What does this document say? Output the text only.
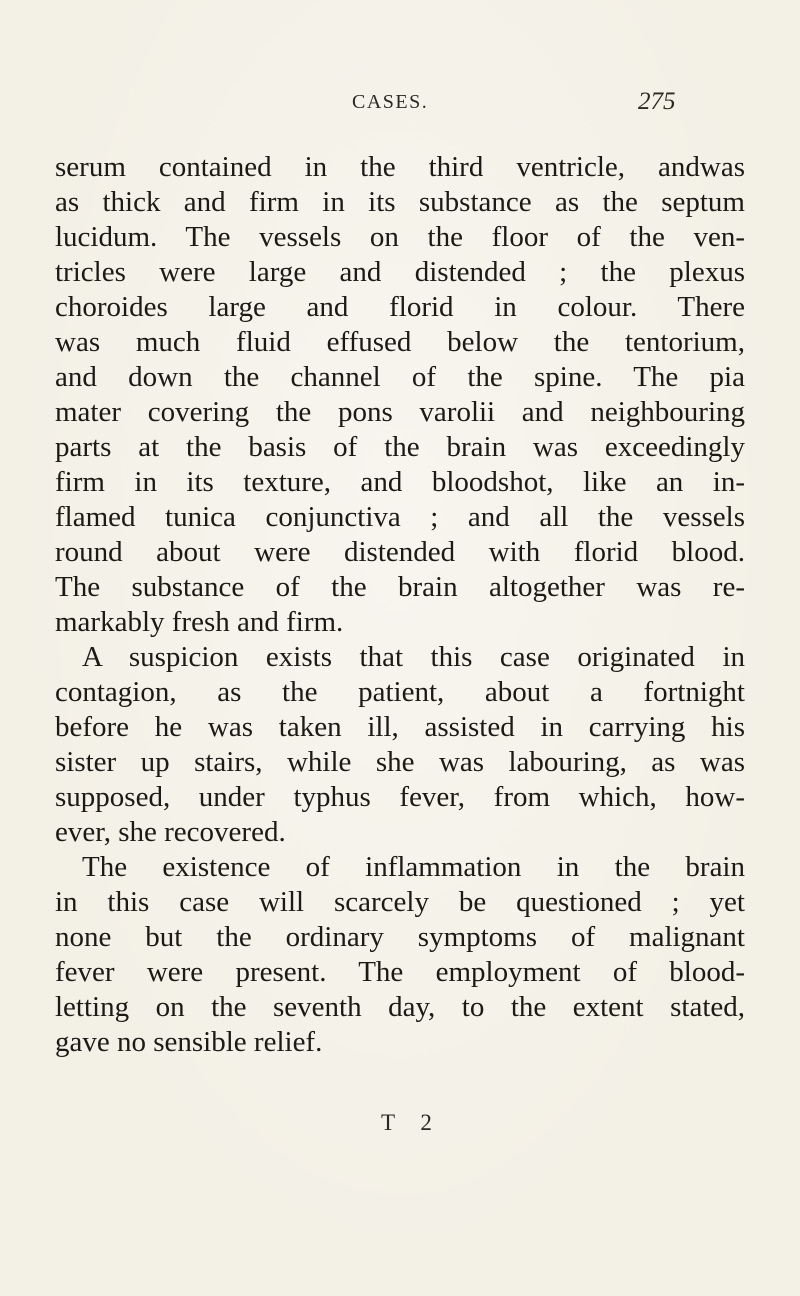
CASES.	275
serum contained in the third ventricle, andwas
as thick and firm in its substance as the septum
lucidum. The vessels on the floor of the ven-
tricles were large and distended ; the plexus
choroides large and florid in colour. There
was much fluid effused below the tentorium,
and down the channel of the spine. The pia
mater covering the pons varolii and neighbouring
parts at the basis of the brain was exceedingly
firm in its texture, and bloodshot, like an in-
flamed tunica conjunctiva ; and all the vessels
round about were distended with florid blood.
The substance of the brain altogether was re-
markably fresh and firm.
A suspicion exists that this case originated in
contagion, as the patient, about a fortnight
before he was taken ill, assisted in carrying his
sister up stairs, while she was labouring, as was
supposed, under typhus fever, from which, how-
ever, she recovered.
The existence of inflammation in the brain
in this case will scarcely be questioned ; yet
none but the ordinary symptoms of malignant
fever were present. The employment of blood-
letting on the seventh day, to the extent stated,
gave no sensible relief.
T 2
